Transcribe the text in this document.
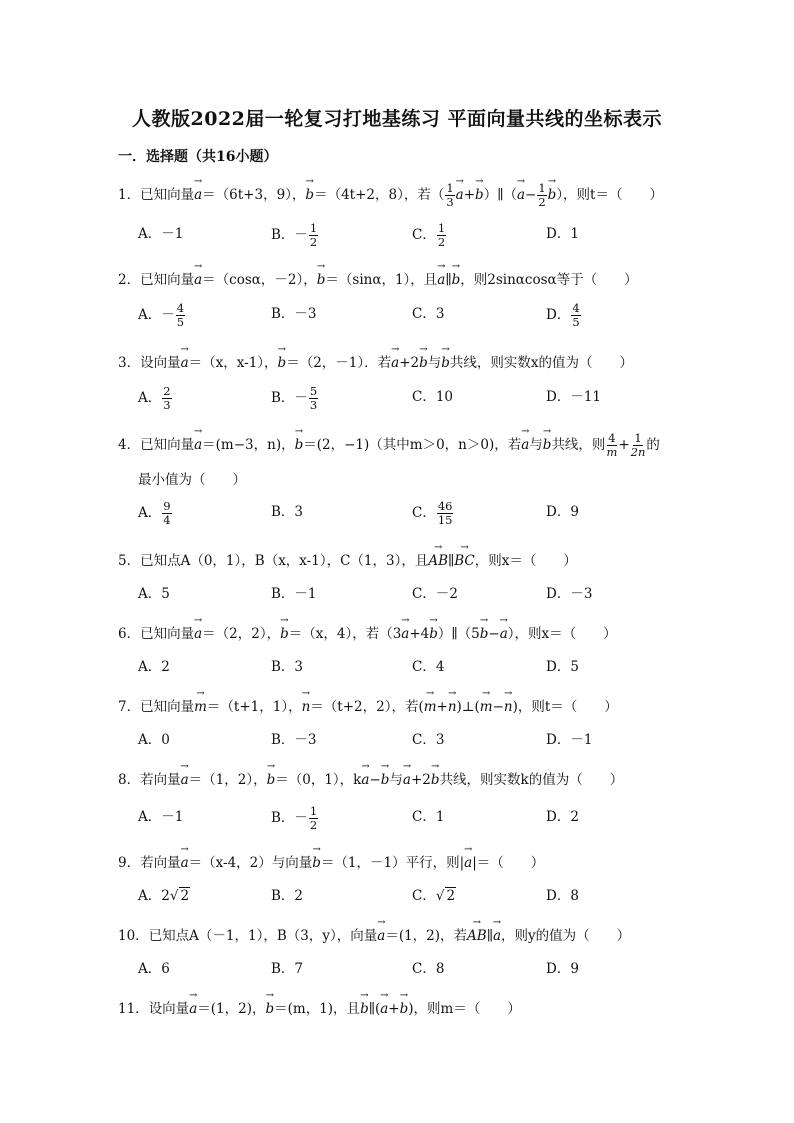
人教版2022届一轮复习打地基练习 平面向量共线的坐标表示
一．选择题（共16小题）
1．已知向量→ a＝（6t+3，9），→ b＝（4t+2，8），若（ $\frac{1}{3}$
→ a+→ b）∥（→ $a- \frac{1}{2}$
→ b），则t＝（　　）
A．－1	B．－ $\frac{1}{2}$	C． $\frac{1}{2}$	D．1
2．已知向量→ a＝（cosα，－2），→ b＝（sinα，1），且→ a∥→ b，则2sinαcosα等于（　　）
A．－ $\frac{4}{5}$	B．－3	C．3	D． $\frac{4}{5}$
3．设向量→ a＝（x，x-1），→ b＝（2，－1）．若→ a+2→ b与→ b共线，则实数x的值为（　　）
A． $\frac{2}{3}$	B．－ $\frac{5}{3}$	C．10	D．－11
4．已知向量→ a＝(m−3，n)，→ b＝(2，−1)（其中m＞0，n＞0)，若→ a与→ b共线，则 $\frac{4}{m} + \frac{1}{2n}$ 的
最小值为（　　）
A． $\frac{9}{4}$	B．3	C． $\frac{46}{15}$	D．9
5．已知点A（0，1），B（x，x-1），C（1，3），且→ AB∥→ BC，则x＝（　　）
A．5	B．－1	C．－2	D．－3
6．已知向量→ a＝（2，2），→ b＝（x，4），若（3→ a+4→ b）∥（5→ b−→ a），则x＝（　　）
A．2	B．3	C．4	D．5
7．已知向量→ m＝（t+1，1），→ n＝（t+2，2），若(→ m+→ n)⊥(→ m−→ n)，则t＝（　　）
A．0	B．－3	C．3	D．－1
8．若向量→ a＝（1，2），→ b＝（0，1），k→ a−→ b与→ a+2→ b共线，则实数k的值为（　　）
A．－1	B．－ $\frac{1}{2}$	C．1	D．2
9．若向量→ a＝（x-4，2）与向量→ b＝（1，－1）平行，则|→ a|＝（　　）
A．2√ 2	B．2	C．√ 2	D．8
10．已知点A（－1，1），B（3，y），向量→ a＝(1，2)，若→ AB∥→ a，则y的值为（　　）
A．6	B．7	C．8	D．9
11．设向量→ a＝(1，2)，→ b＝(m，1)，且→ b∥(→ a+→ b)，则m＝（　　）
